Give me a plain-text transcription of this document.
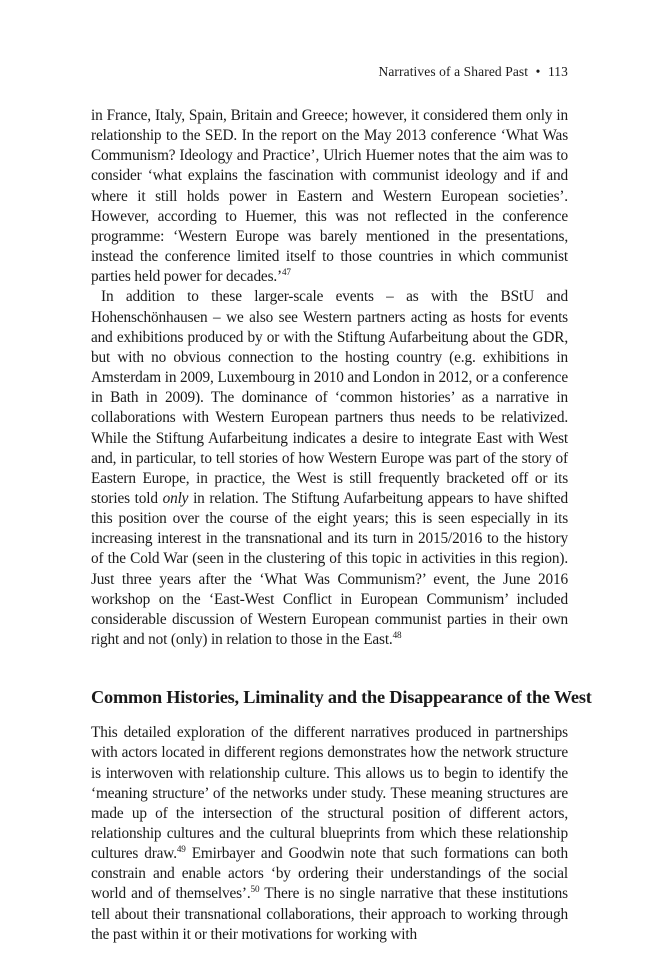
Narratives of a Shared Past • 113

in France, Italy, Spain, Britain and Greece; however, it considered them only in relationship to the SED. In the report on the May 2013 conference ‘What Was Communism? Ideology and Practice’, Ulrich Huemer notes that the aim was to consider ‘what explains the fascination with communist ideology and if and where it still holds power in Eastern and Western European societies’. However, according to Huemer, this was not reflected in the conference programme: ‘Western Europe was barely mentioned in the presentations, instead the conference limited itself to those countries in which communist parties held power for decades.’$^{47}$

In addition to these larger-scale events – as with the BStU and Hohenschönhausen – we also see Western partners acting as hosts for events and exhibitions produced by or with the Stiftung Aufarbeitung about the GDR, but with no obvious connection to the hosting country (e.g. exhibitions in Amsterdam in 2009, Luxembourg in 2010 and London in 2012, or a conference in Bath in 2009). The dominance of ‘common histories’ as a narrative in collaborations with Western European partners thus needs to be relativized. While the Stiftung Aufarbeitung indicates a desire to integrate East with West and, in particular, to tell stories of how Western Europe was part of the story of Eastern Europe, in practice, the West is still frequently bracketed off or its stories told only in relation. The Stiftung Aufarbeitung appears to have shifted this position over the course of the eight years; this is seen especially in its increasing interest in the transnational and its turn in 2015/2016 to the history of the Cold War (seen in the clustering of this topic in activities in this region). Just three years after the ‘What Was Communism?’ event, the June 2016 workshop on the ‘East-West Conflict in European Communism’ included considerable discussion of Western European communist parties in their own right and not (only) in relation to those in the East.$^{48}$

Common Histories, Liminality and the Disappearance of the West

This detailed exploration of the different narratives produced in partnerships with actors located in different regions demonstrates how the network structure is interwoven with relationship culture. This allows us to begin to identify the ‘meaning structure’ of the networks under study. These meaning structures are made up of the intersection of the structural position of different actors, relationship cultures and the cultural blueprints from which these relationship cultures draw.$^{49}$ Emirbayer and Goodwin note that such formations can both constrain and enable actors ‘by ordering their understandings of the social world and of themselves’.$^{50}$ There is no single narrative that these institutions tell about their transnational collaborations, their approach to working through the past within it or their motivations for working with
